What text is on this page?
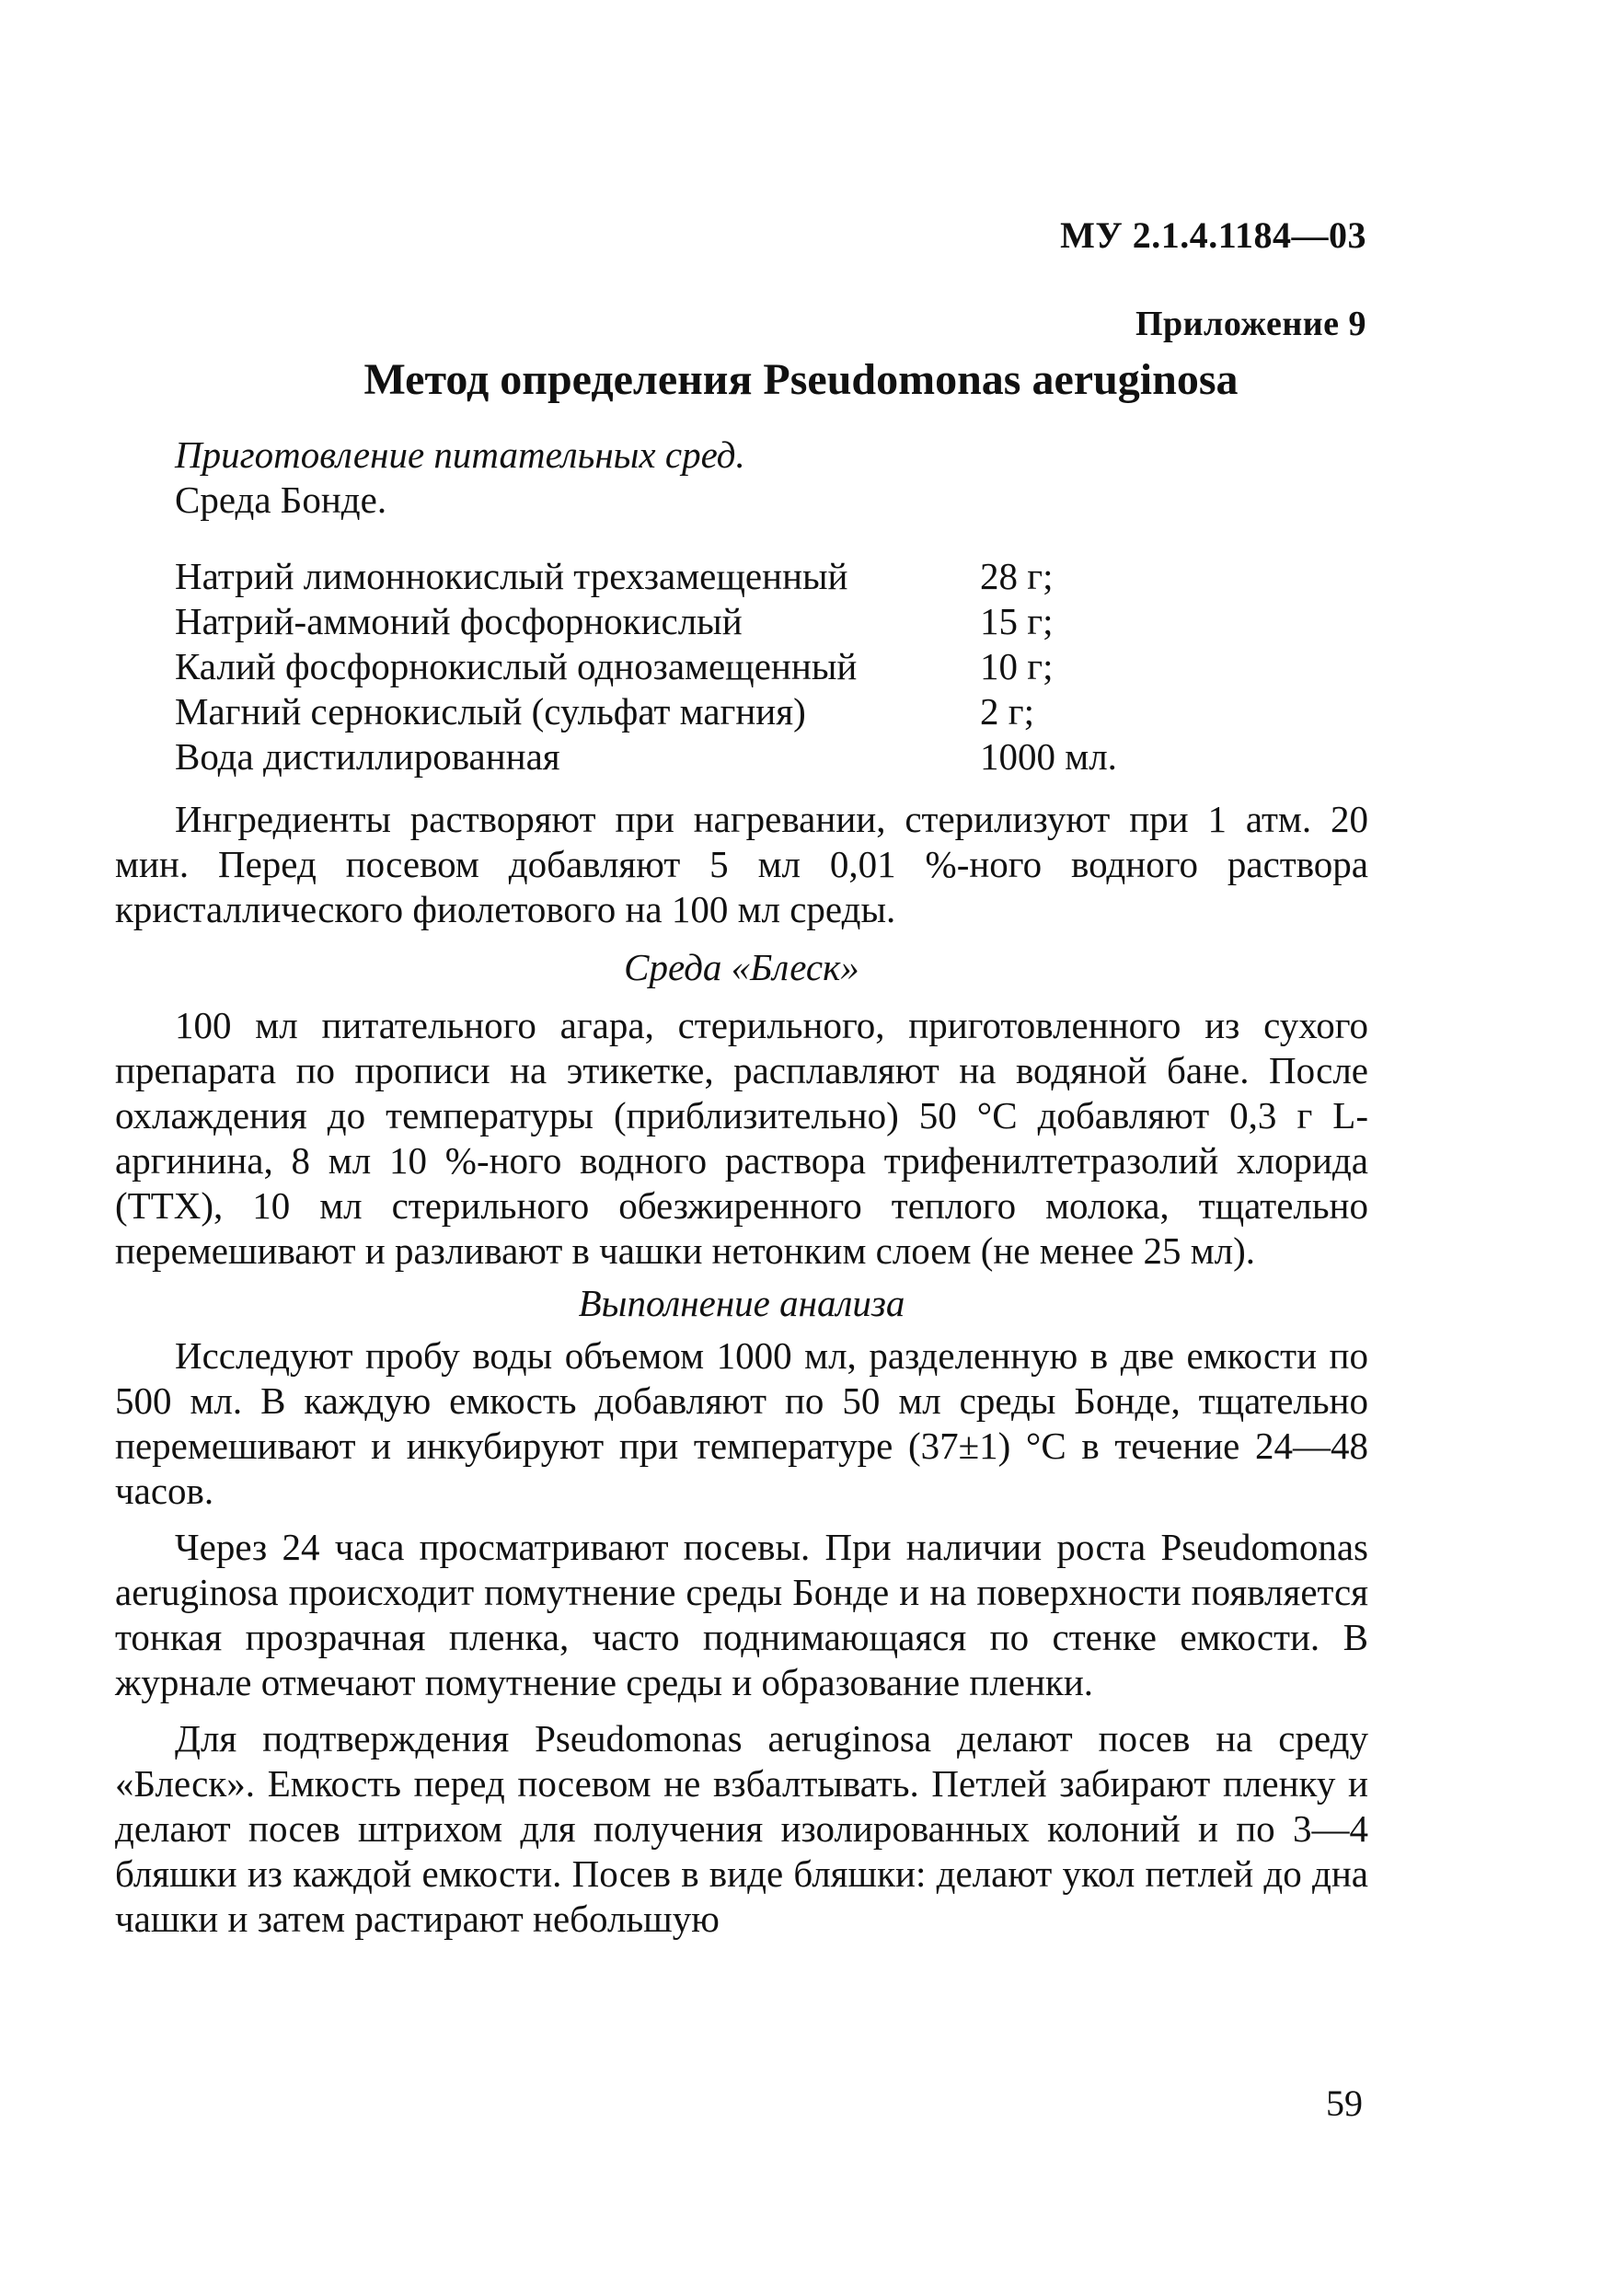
МУ 2.1.4.1184—03
Приложение 9
Метод определения Pseudomonas aeruginosa
Приготовление питательных сред.
Среда Бонде.
Натрий лимоннокислый трехзамещенный	28 г;
Натрий-аммоний фосфорнокислый	15 г;
Калий фосфорнокислый однозамещенный	10 г;
Магний сернокислый (сульфат магния)	2 г;
Вода дистиллированная	1000 мл.

Ингредиенты растворяют при нагревании, стерилизуют при 1 атм. 20 мин. Перед посевом добавляют 5 мл 0,01 %-ного водного раствора кристаллического фиолетового на 100 мл среды.

Среда «Блеск»

100 мл питательного агара, стерильного, приготовленного из сухого препарата по прописи на этикетке, расплавляют на водяной бане. После охлаждения до температуры (приблизительно) 50 °С добавляют 0,3 г L-аргинина, 8 мл 10 %-ного водного раствора трифенилтетразолий хлорида (ТТХ), 10 мл стерильного обезжиренного теплого молока, тщательно перемешивают и разливают в чашки нетонким слоем (не менее 25 мл).

Выполнение анализа

Исследуют пробу воды объемом 1000 мл, разделенную в две емкости по 500 мл. В каждую емкость добавляют по 50 мл среды Бонде, тщательно перемешивают и инкубируют при температуре (37±1) °С в течение 24—48 часов.

Через 24 часа просматривают посевы. При наличии роста Pseudomonas aeruginosa происходит помутнение среды Бонде и на поверхности появляется тонкая прозрачная пленка, часто поднимающаяся по стенке емкости. В журнале отмечают помутнение среды и образование пленки.

Для подтверждения Pseudomonas aeruginosa делают посев на среду «Блеск». Емкость перед посевом не взбалтывать. Петлей забирают пленку и делают посев штрихом для получения изолированных колоний и по 3—4 бляшки из каждой емкости. Посев в виде бляшки: делают укол петлей до дна чашки и затем растирают небольшую

59
